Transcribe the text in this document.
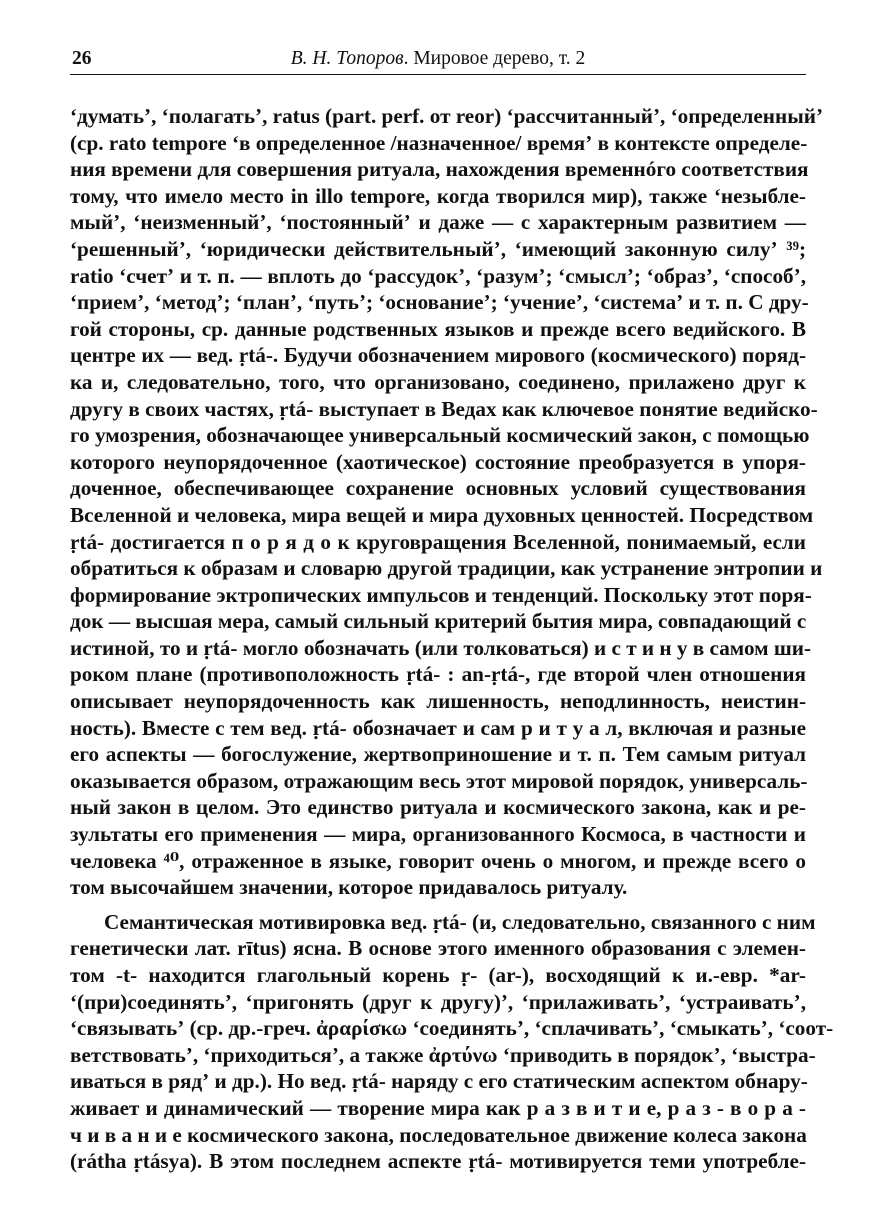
26	В. Н. Топоров. Мировое дерево, т. 2
ʻдуматьʼ, ʻполагатьʼ, ratus (part. perf. от reor) ʻрассчитанныйʼ, ʻопределенныйʼ
(ср. rato tempore ʻв определенное /назначенное/ времяʼ в контексте определе-
ния времени для совершения ритуала, нахождения временнóго соответствия
тому, что имело место in illo tempore, когда творился мир), также ʻнезыбле-
мыйʼ, ʻнеизменныйʼ, ʻпостоянныйʼ и даже — с характерным развитием —
ʻрешенныйʼ, ʻюридически действительныйʼ, ʻимеющий законную силуʼ ³⁹;
ratio ʻсчетʼ и т. п. — вплоть до ʻрассудокʼ, ʻразумʼ; ʻсмыслʼ; ʻобразʼ, ʻспособʼ,
ʻприемʼ, ʻметодʼ; ʻпланʼ, ʻпутьʼ; ʻоснованиеʼ; ʻучениеʼ, ʻсистемаʼ и т. п. С дру-
гой стороны, ср. данные родственных языков и прежде всего ведийского. В
центре их — вед. ṛtá-. Будучи обозначением мирового (космического) поряд-
ка и, следовательно, того, что организовано, соединено, прилажено друг к
другу в своих частях, ṛtá- выступает в Ведах как ключевое понятие ведийско-
го умозрения, обозначающее универсальный космический закон, с помощью
которого неупорядоченное (хаотическое) состояние преобразуется в упоря-
доченное, обеспечивающее сохранение основных условий существования
Вселенной и человека, мира вещей и мира духовных ценностей. Посредством
ṛtá- достигается п о р я д о к круговращения Вселенной, понимаемый, если
обратиться к образам и словарю другой традиции, как устранение энтропии и
формирование эктропических импульсов и тенденций. Поскольку этот поря-
док — высшая мера, самый сильный критерий бытия мира, совпадающий с
истиной, то и ṛtá- могло обозначать (или толковаться) и с т и н у в самом ши-
роком плане (противоположность ṛtá- : an-ṛtá-, где второй член отношения
описывает неупорядоченность как лишенность, неподлинность, неистин-
ность). Вместе с тем вед. ṛtá- обозначает и сам р и т у а л, включая и разные
его аспекты — богослужение, жертвоприношение и т. п. Тем самым ритуал
оказывается образом, отражающим весь этот мировой порядок, универсаль-
ный закон в целом. Это единство ритуала и космического закона, как и ре-
зультаты его применения — мира, организованного Космоса, в частности и
человека ⁴⁰, отраженное в языке, говорит очень о многом, и прежде всего о
том высочайшем значении, которое придавалось ритуалу.
Семантическая мотивировка вед. ṛtá- (и, следовательно, связанного с ним
генетически лат. rītus) ясна. В основе этого именного образования с элемен-
том -t- находится глагольный корень ṛ- (ar-), восходящий к и.-евр. *ar-
ʻ(при)соединятьʼ, ʻпригонять (друг к другу)ʼ, ʻприлаживатьʼ, ʻустраиватьʼ,
ʻсвязыватьʼ (ср. др.-греч. ἀραρίσκω ʻсоединятьʼ, ʻсплачиватьʼ, ʻсмыкатьʼ, ʻсоот-
ветствоватьʼ, ʻприходитьсяʼ, а также ἀρτύνω ʻприводить в порядокʼ, ʻвыстра-
иваться в рядʼ и др.). Но вед. ṛtá- наряду с его статическим аспектом обнару-
живает и динамический — творение мира как р а з в и т и е, р а з - в о р а -
ч и в а н и е космического закона, последовательное движение колеса закона
(rátha ṛtásya). В этом последнем аспекте ṛtá- мотивируется теми употребле-
